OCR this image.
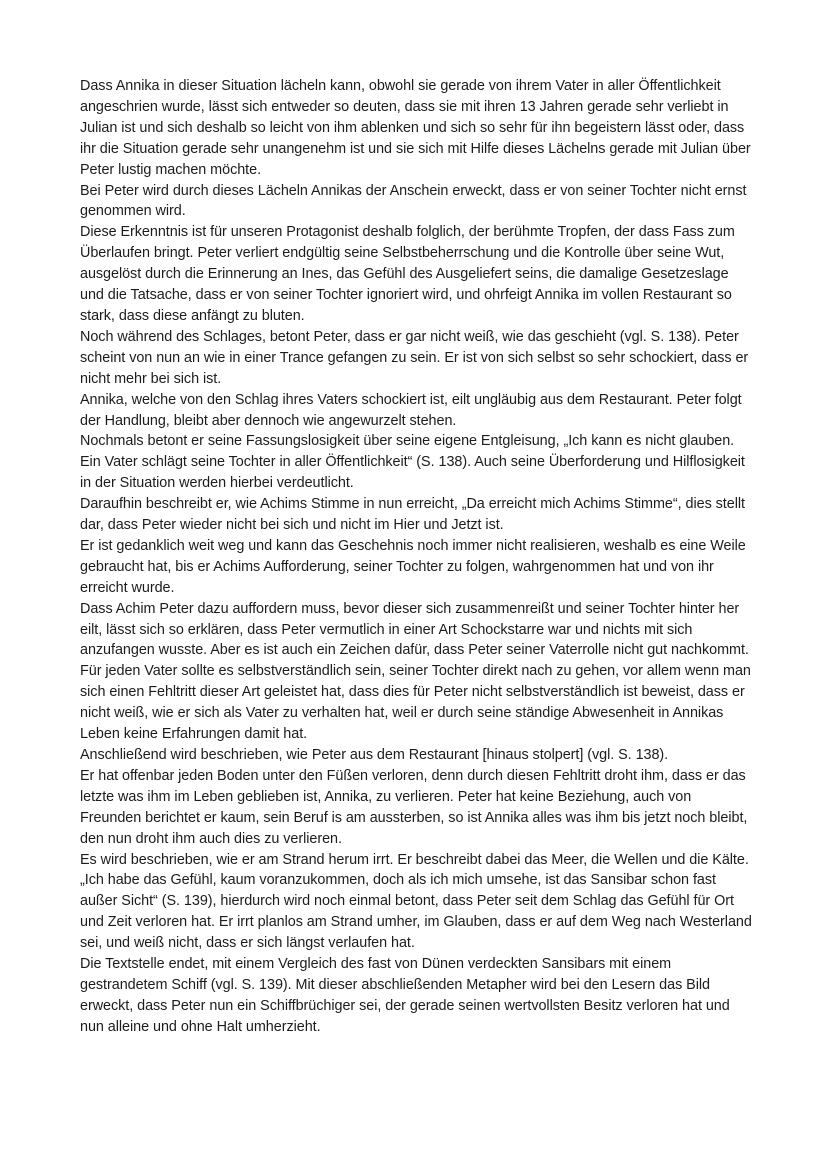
Dass Annika in dieser Situation lächeln kann, obwohl sie gerade von ihrem Vater in aller Öffentlichkeit angeschrien wurde, lässt sich entweder so deuten, dass sie mit ihren 13 Jahren gerade sehr verliebt in Julian ist und sich deshalb so leicht von ihm ablenken und sich so sehr für ihn begeistern lässt oder, dass ihr die Situation gerade sehr unangenehm ist und sie sich mit Hilfe dieses Lächelns gerade mit Julian über Peter lustig machen möchte.

Bei Peter wird durch dieses Lächeln Annikas der Anschein erweckt, dass er von seiner Tochter nicht ernst genommen wird.

Diese Erkenntnis ist für unseren Protagonist deshalb folglich, der berühmte Tropfen, der dass Fass zum Überlaufen bringt. Peter verliert endgültig seine Selbstbeherrschung und die Kontrolle über seine Wut, ausgelöst durch die Erinnerung an Ines, das Gefühl des Ausgeliefert seins, die damalige Gesetzeslage und die Tatsache, dass er von seiner Tochter ignoriert wird, und ohrfeigt Annika im vollen Restaurant so stark, dass diese anfängt zu bluten.

Noch während des Schlages, betont Peter, dass er gar nicht weiß, wie das geschieht (vgl. S. 138). Peter scheint von nun an wie in einer Trance gefangen zu sein. Er ist von sich selbst so sehr schockiert, dass er nicht mehr bei sich ist.

Annika, welche von den Schlag ihres Vaters schockiert ist, eilt ungläubig aus dem Restaurant. Peter folgt der Handlung, bleibt aber dennoch wie angewurzelt stehen.

Nochmals betont er seine Fassungslosigkeit über seine eigene Entgleisung, „Ich kann es nicht glauben. Ein Vater schlägt seine Tochter in aller Öffentlichkeit“ (S. 138). Auch seine Überforderung und Hilflosigkeit in der Situation werden hierbei verdeutlicht.

Daraufhin beschreibt er, wie Achims Stimme in nun erreicht, „Da erreicht mich Achims Stimme“, dies stellt dar, dass Peter wieder nicht bei sich und nicht im Hier und Jetzt ist.

Er ist gedanklich weit weg und kann das Geschehnis noch immer nicht realisieren, weshalb es eine Weile gebraucht hat, bis er Achims Aufforderung, seiner Tochter zu folgen, wahrgenommen hat und von ihr erreicht wurde.

Dass Achim Peter dazu auffordern muss, bevor dieser sich zusammenreißt und seiner Tochter hinter her eilt, lässt sich so erklären, dass Peter vermutlich in einer Art Schockstarre war und nichts mit sich anzufangen wusste. Aber es ist auch ein Zeichen dafür, dass Peter seiner Vaterrolle nicht gut nachkommt. Für jeden Vater sollte es selbstverständlich sein, seiner Tochter direkt nach zu gehen, vor allem wenn man sich einen Fehltritt dieser Art geleistet hat, dass dies für Peter nicht selbstverständlich ist beweist, dass er nicht weiß, wie er sich als Vater zu verhalten hat, weil er durch seine ständige Abwesenheit in Annikas Leben keine Erfahrungen damit hat.

Anschließend wird beschrieben, wie Peter aus dem Restaurant [hinaus stolpert] (vgl. S. 138).

Er hat offenbar jeden Boden unter den Füßen verloren, denn durch diesen Fehltritt droht ihm, dass er das letzte was ihm im Leben geblieben ist, Annika, zu verlieren. Peter hat keine Beziehung, auch von Freunden berichtet er kaum, sein Beruf is am aussterben, so ist Annika alles was ihm bis jetzt noch bleibt, den nun droht ihm auch dies zu verlieren.

Es wird beschrieben, wie er am Strand herum irrt. Er beschreibt dabei das Meer, die Wellen und die Kälte.

„Ich habe das Gefühl, kaum voranzukommen, doch als ich mich umsehe, ist das Sansibar schon fast außer Sicht“ (S. 139), hierdurch wird noch einmal betont, dass Peter seit dem Schlag das Gefühl für Ort und Zeit verloren hat. Er irrt planlos am Strand umher, im Glauben, dass er auf dem Weg nach Westerland sei, und weiß nicht, dass er sich längst verlaufen hat.

Die Textstelle endet, mit einem Vergleich des fast von Dünen verdeckten Sansibars mit einem gestrandetem Schiff (vgl. S. 139). Mit dieser abschließenden Metapher wird bei den Lesern das Bild erweckt, dass Peter nun ein Schiffbrüchiger sei, der gerade seinen wertvollsten Besitz verloren hat und nun alleine und ohne Halt umherzieht.
